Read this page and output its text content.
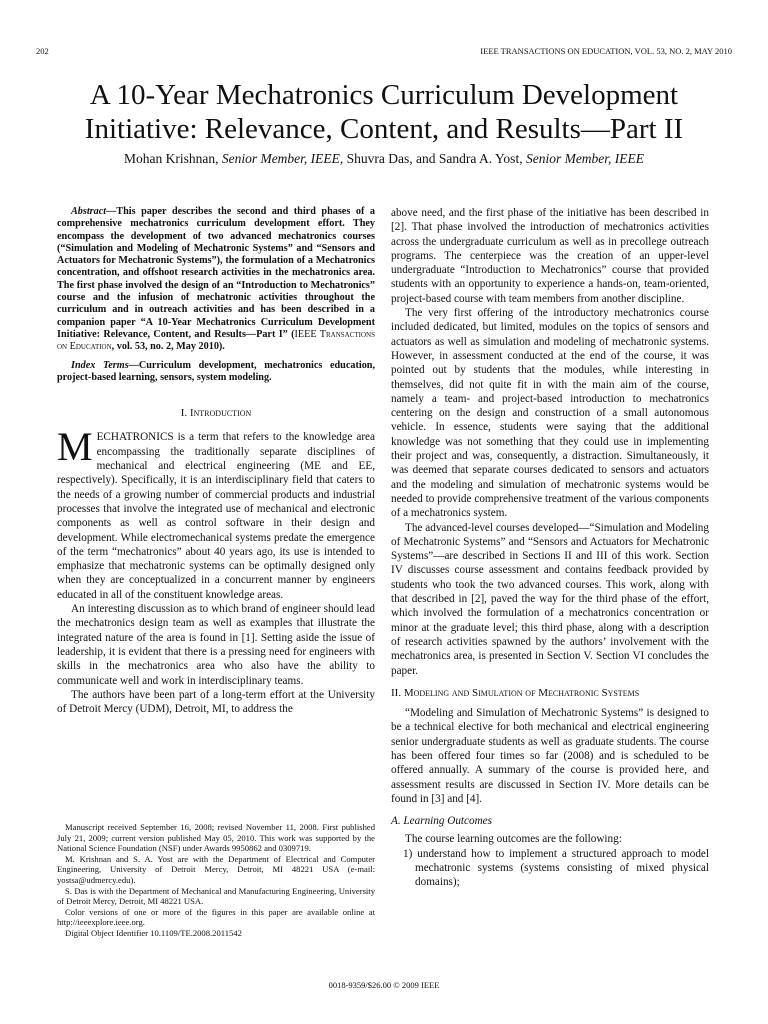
202	IEEE TRANSACTIONS ON EDUCATION, VOL. 53, NO. 2, MAY 2010
A 10-Year Mechatronics Curriculum Development
Initiative: Relevance, Content, and Results—Part II
Mohan Krishnan, Senior Member, IEEE, Shuvra Das, and Sandra A. Yost, Senior Member, IEEE

Abstract—This paper describes the second and third phases of a comprehensive mechatronics curriculum development effort. They encompass the development of two advanced mechatronics courses (“Simulation and Modeling of Mechatronic Systems” and “Sensors and Actuators for Mechatronic Systems”), the formulation of a Mechatronics concentration, and offshoot research activities in the mechatronics area. The first phase involved the design of an “Introduction to Mechatronics” course and the infusion of mechatronic activities throughout the curriculum and in outreach activities and has been described in a companion paper “A 10-Year Mechatronics Curriculum Development Initiative: Relevance, Content, and Results—Part I” (IEEE Transactions on Education, vol. 53, no. 2, May 2010).

Index Terms—Curriculum development, mechatronics education, project-based learning, sensors, system modeling.

I. Introduction

MECHATRONICS is a term that refers to the knowledge area encompassing the traditionally separate disciplines of mechanical and electrical engineering (ME and EE, respectively). Specifically, it is an interdisciplinary field that caters to the needs of a growing number of commercial products and industrial processes that involve the integrated use of mechanical and electronic components as well as control software in their design and development. While electromechanical systems predate the emergence of the term “mechatronics” about 40 years ago, its use is intended to emphasize that mechatronic systems can be optimally designed only when they are conceptualized in a concurrent manner by engineers educated in all of the constituent knowledge areas.

An interesting discussion as to which brand of engineer should lead the mechatronics design team as well as examples that illustrate the integrated nature of the area is found in [1]. Setting aside the issue of leadership, it is evident that there is a pressing need for engineers with skills in the mechatronics area who also have the ability to communicate well and work in interdisciplinary teams.

The authors have been part of a long-term effort at the University of Detroit Mercy (UDM), Detroit, MI, to address the

above need, and the first phase of the initiative has been described in [2]. That phase involved the introduction of mechatronics activities across the undergraduate curriculum as well as in precollege outreach programs. The centerpiece was the creation of an upper-level undergraduate “Introduction to Mechatronics” course that provided students with an opportunity to experience a hands-on, team-oriented, project-based course with team members from another discipline.

The very first offering of the introductory mechatronics course included dedicated, but limited, modules on the topics of sensors and actuators as well as simulation and modeling of mechatronic systems. However, in assessment conducted at the end of the course, it was pointed out by students that the modules, while interesting in themselves, did not quite fit in with the main aim of the course, namely a team- and project-based introduction to mechatronics centering on the design and construction of a small autonomous vehicle. In essence, students were saying that the additional knowledge was not something that they could use in implementing their project and was, consequently, a distraction. Simultaneously, it was deemed that separate courses dedicated to sensors and actuators and the modeling and simulation of mechatronic systems would be needed to provide comprehensive treatment of the various components of a mechatronics system.

The advanced-level courses developed—“Simulation and Modeling of Mechatronic Systems” and “Sensors and Actuators for Mechatronic Systems”—are described in Sections II and III of this work. Section IV discusses course assessment and contains feedback provided by students who took the two advanced courses. This work, along with that described in [2], paved the way for the third phase of the effort, which involved the formulation of a mechatronics concentration or minor at the graduate level; this third phase, along with a description of research activities spawned by the authors’ involvement with the mechatronics area, is presented in Section V. Section VI concludes the paper.

II. Modeling and Simulation of Mechatronic Systems

“Modeling and Simulation of Mechatronic Systems” is designed to be a technical elective for both mechanical and electrical engineering senior undergraduate students as well as graduate students. The course has been offered four times so far (2008) and is scheduled to be offered annually. A summary of the course is provided here, and assessment results are discussed in Section IV. More details can be found in [3] and [4].

A. Learning Outcomes

The course learning outcomes are the following:

1) understand how to implement a structured approach to model mechatronic systems (systems consisting of mixed physical domains);

Manuscript received September 16, 2008; revised November 11, 2008. First published July 21, 2009; current version published May 05, 2010. This work was supported by the National Science Foundation (NSF) under Awards 9950862 and 0309719.

M. Krishnan and S. A. Yost are with the Department of Electrical and Computer Engineering, University of Detroit Mercy, Detroit, MI 48221 USA (e-mail: yostsa@udmercy.edu).

S. Das is with the Department of Mechanical and Manufacturing Engineering, University of Detroit Mercy, Detroit, MI 48221 USA.

Color versions of one or more of the figures in this paper are available online at http://ieeexplore.ieee.org.

Digital Object Identifier 10.1109/TE.2008.2011542

0018-9359/$26.00 © 2009 IEEE
